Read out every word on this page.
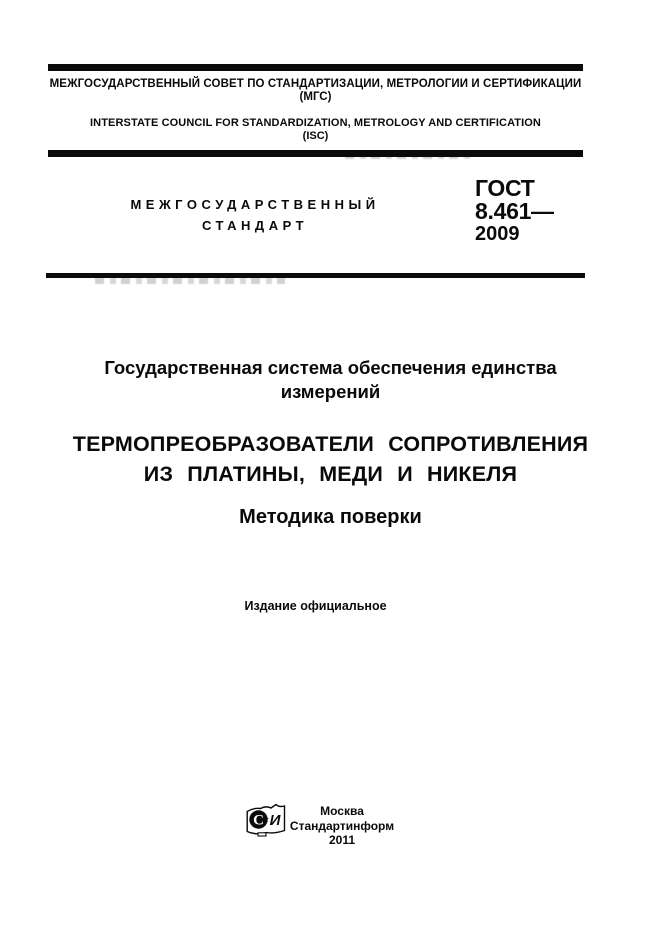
МЕЖГОСУДАРСТВЕННЫЙ СОВЕТ ПО СТАНДАРТИЗАЦИИ, МЕТРОЛОГИИ И СЕРТИФИКАЦИИ
(МГС)
INTERSTATE COUNCIL FOR STANDARDIZATION, METROLOGY AND CERTIFICATION
(ISC)
МЕЖГОСУДАРСТВЕННЫЙ
СТАНДАРТ
ГОСТ
8.461—
2009
Государственная система обеспечения единства
измерений
ТЕРМОПРЕОБРАЗОВАТЕЛИ СОПРОТИВЛЕНИЯ
ИЗ ПЛАТИНЫ, МЕДИ И НИКЕЛЯ
Методика поверки
Издание официальное
С т И
Москва
Стандартинформ
2011
